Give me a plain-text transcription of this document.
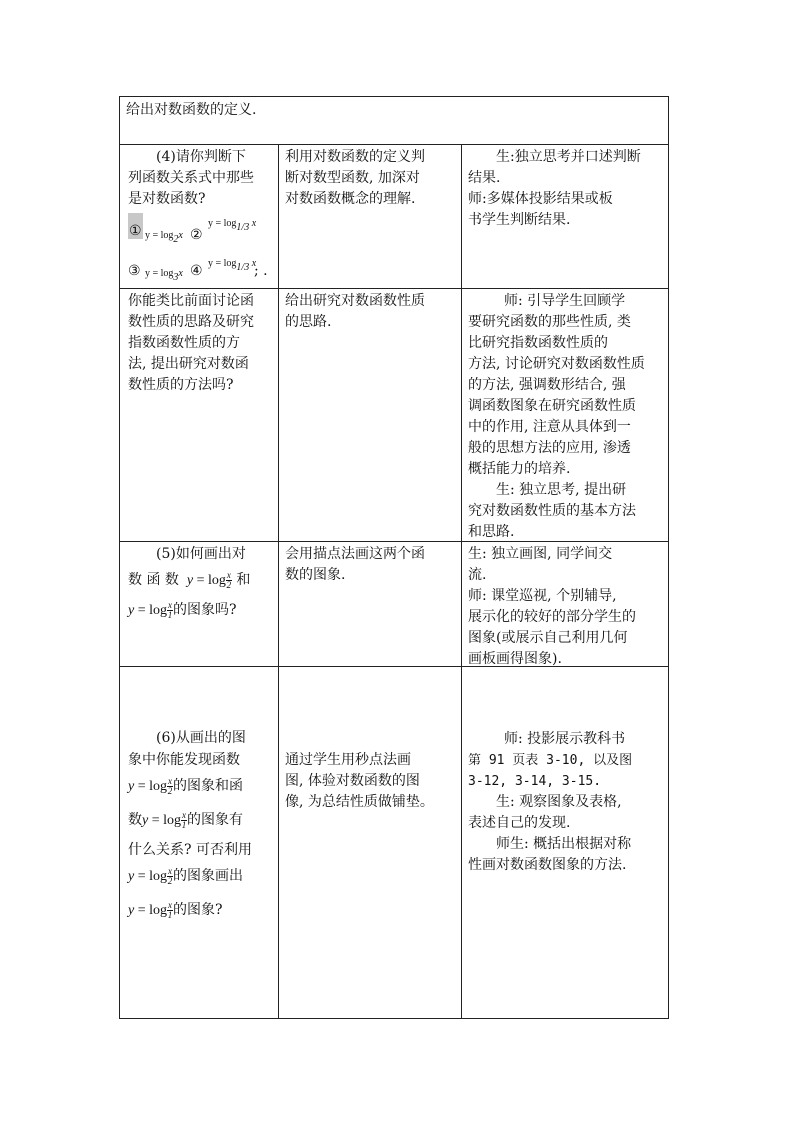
给出对数函数的定义.
(4)请你判断下
列函数关系式中那些
是对数函数?
① y = log2x ②
y = log1/3 x
③ y = log3x ④ y = log1/3 x
; .
利用对数函数的定义判
断对数型函数, 加深对
对数函数概念的理解.
生:独立思考并口述判断
结果.
师:多媒体投影结果或板
书学生判断结果.
你能类比前面讨论函
数性质的思路及研究
指数函数性质的方
法, 提出研究对数函
数性质的方法吗?
给出研究对数函数性质
的思路.
师: 引导学生回顾学
要研究函数的那些性质, 类
比研究指数函数性质的
方法, 讨论研究对数函数性质
的方法, 强调数形结合, 强
调函数图象在研究函数性质
中的作用, 注意从具体到一
般的思想方法的应用, 渗透
概括能力的培养.
生: 独立思考, 提出研
究对数函数性质的基本方法
和思路.
(5)如何画出对
数 函 数  $y = \log \frac{x}{2}$ 和
$y = \log \frac{x}{1}$ 的图象吗?
会用描点法画这两个函
数的图象.
生: 独立画图, 同学间交
流.
师: 课堂巡视, 个别辅导,
展示化的较好的部分学生的
图象(或展示自己利用几何
画板画得图象).
(6)从画出的图
象中你能发现函数
$y = \log \frac{x}{2}$ 的图象和函
数$y = \log \frac{x}{1}$ 的图象有
什么关系? 可否利用
$y = \log \frac{x}{2}$ 的图象画出
$y = \log \frac{x}{1}$ 的图象?
通过学生用秒点法画
图, 体验对数函数的图
像, 为总结性质做铺垫。
师: 投影展示教科书
第 91 页表 3-10, 以及图
3-12, 3-14, 3-15.
生: 观察图象及表格,
表述自己的发现.
师生: 概括出根据对称
性画对数函数图象的方法.
